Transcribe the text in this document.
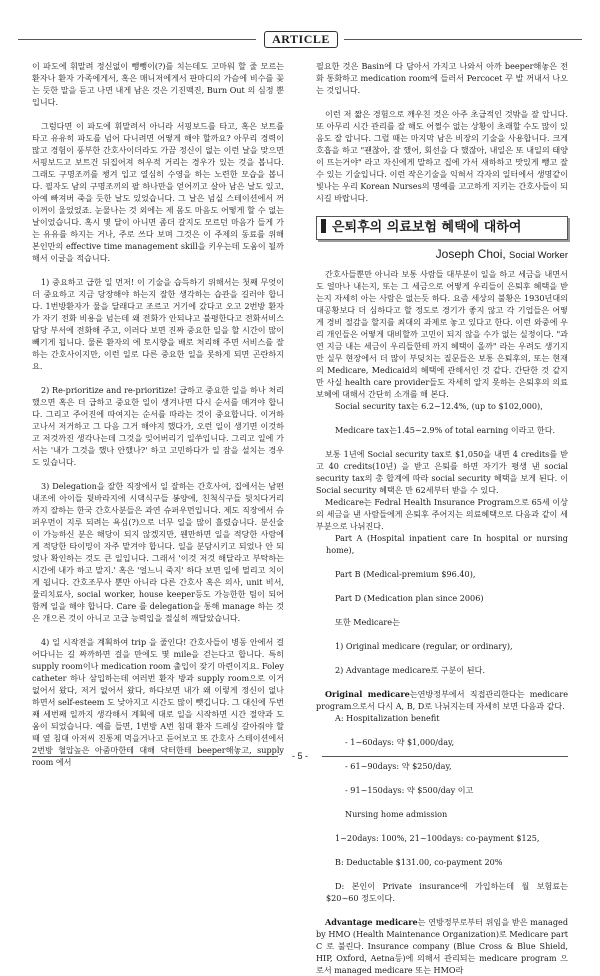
ARTICLE

이 파도에 휘말려 정신없이 뺑뺑이(?)를 치는데도 고마워 할 줄 모르는 환자나 환자 가족에게서, 혹은 매니저에게서 판마디의 가슴에 비수를 꽂는 듯한 말을 듣고 나면 내게 남은 것은 기진맥진, Burn Out 의 심정 뿐입니다.

그럼다면 이 파도에 휘말려서 아니라 서핑보드를 타고, 혹은 보트를 타고 유유히 파도를 넘어 다니려면 어떻게 해야 할까요? 아무리 경력이 많고 경험이 풍부한 간호사이더라도 가끔 정신이 없는 이런 날을 맞으면 서핑보드고 보트건 뒤집어져 허우적 거리는 경우가 있는 것을 봅니다. 그래도 구명조끼를 챙겨 입고 열심히 수영을 하는 노련한 모습을 봅니다. 필자도 남의 구명조끼의 팔 하나만을 얻어끼고 살아 남은 날도 있고, 아예 빠져버 죽을 듯한 날도 있었습니다. 그 날은 넘실 스테이션에서 꺼이꺼이 울었었죠. 눈물나는 것 외에는 제 몸도 마음도 어떻게 할 수 없는 날이었습니다. 혹시 몇 달이 아니면 좀더 갈지도 모르던 마음가 들게 가는 유유를 하지는 거나, 주로 쓰다 보며 그것은 이 주제의 동료를 위해 본인만의 effective time management skill을 키우는데 도움이 될까 해서 이글을 적습니다.

1) 중요하고 급한 일 먼저! 이 기술을 습득하기 위해서는 첫째 무엇이 더 중요하고 지금 당장해야 하는지 잘한 생각하는 습관을 길러야 합니다. 1번방환자가 물을 달래다고 조르고 거기에 갔다고 오고 2번방 환자가 자기 전화 비용을 넘는데 왜 전화가 안되냐고 불평한다고 전화서비스 담당 부서에 전화해 주고, 이러다 보면 진짜 중요한 일을 할 시간이 많이 빼기게 됩니다. 물론 환자의 에 토시향을 배로 처리해 주면 서비스를 잘하는 간호사이지만, 이런 일로 다른 중요한 일을 못하게 되면 곤란하지요.

2) Re-prioritize and re-prioritize! 급하고 중요한 일을 하나 처리했으면 혹은 더 급하고 중요한 일이 생겨나면 다시 순서를 매겨야 합니다. 그리고 주어진에 따여지는 순서를 따라는 것이 중요합니다. 이거하고나서 저거하고 그 다음 그거 해야지 했다가, 오런 일이 생기면 이것하고 저것까진 생각나는데 그것을 잊어버리기 일쑤입니다. 그리고 일에 가서는 '내가 그것을 했나 안했나?' 하고 고민하다가 일 잠을 설치는 경우도 있습니다.

3) Delegation을 잘한 직장에서 일 잘하는 간호사여, 집에서는 남편 내조에 아이들 뒷바라지에 시댁식구들 봉양에, 친척식구들 뒷치다거리까지 잘하는 한국 간호사분들은 과연 슈퍼우먼입니다. 제도 직장에서 슈퍼우먼이 지루 되려는 욕심(?)으로 너무 일을 많이 흘렸습니다. 분신술이 가능하신 분은 해당이 되지 않겠지만, 웬만하면 일을 적당한 사람에게 적당한 타이밍이 자주 맡겨야 합니다. 일을 분담시키고 되었나 안 되었나 확인하는 것도 큰 일입니다. 그래서 '이것 저것 해달라고 부탁하는 시간에 내가 하고 말지.' 혹은 '얼느니 죽지' 하다 보면 일에 멀리고 치이게 됩니다. 간호조무사 뿐만 아니라 다른 간호사 혹은 의사, unit 비서, 물리치료사, social worker, house keeper등도 가능한한 팀이 되어 함께 일을 해야 합니다. Care 를 delegation을 통해 manage 하는 것은 개으른 것이 아니고 고급 능력입을 절실히 깨달았습니다.

4) 일 시작전을 계획하여 trip 을 줄인다! 간호사들이 병동 안에서 걸어다니는 길 짜까하면 걸을 만에도 몇 mile을 걷는다고 합니다. 특히 supply room이나 medication room 출입이 잦기 마련이지요. Foley catheter 하나 삼입하는데 여러번 환자 방과 supply room으로 이거 없어서 왔다, 저거 없어서 왔다, 하다보면 내가 왜 이렇게 정신이 없나 하면서 self-esteem 도 낮아지고 시간도 많이 뺏깁니다. 그 대신에 두번째 세번째 일까지 생각해서 계획에 대로 일을 시작하면 시간 절약과 도움이 되었습니다. 예를 들면, 1번방 A번 침대 환자 드레싱 갈아줘야 할 때 옆 침대 아저씨 진통제 먹을거나고 듣어보고 또 간호사 스테이션에서 2번방 혈압높은 아줌마한테 대해 닥터한테 beeper해놓고, supply room 에서

필요한 것은 Basin에 다 담아서 가지고 나와서 아까 beeper해놓은 전화 통화하고 medication room에 들러서 Percocet 꾸 발 꺼내서 나오는 것입니다.

이런 저 짧은 경험으로 깨우친 것은 아주 초급적인 것밖을 잘 압니다. 또 아무리 시간 관리를 잘 해도 어쩔수 없는 상황이 초래할 수도 많이 있음도 잘 압니다. 그럴 때는 마지막 남은 비장의 기술을 사용합니다. 크게 호흡을 하고 "괜찮아, 잘 했어, 회선을 다 했잖아, 내일은 또 내일의 태양이 뜨는거야" 라고 자신에게 말하고 집에 가서 새하하고 맛있게 뺑고 잘 수 있는 기술입니다. 이런 작은기술을 익혀서 각자의 일터에서 생명같이 빛나는 우리 Korean Nurses의 명예를 고고하게 지키는 간호사들이 되시길 바랍니다.

은퇴후의 의료보험 혜택에 대하여
Joseph Choi, Social Worker

간호사들뿐만 아니라 보통 사람들 대부분이 일을 하고 세금을 내면서도 얼마나 내는지, 또는 그 세금으로 어떻게 우리들이 은퇴후 혜택을 받는지 자세히 아는 사람은 없는듯 하다. 요즘 세상의 불황은 1930년대의 대공황보다 더 심하다고 할 정도로 경기가 좋지 않고 각 기업들은 어떻게 경비 절감을 할지를 최대의 과제로 놓고 있다고 한다. 이런 와중에 우리 개인들은 어떻게 대비할까 고민이 되지 않을 수가 없는 실정이다. "과연 지금 내는 세금이 우리들한테 까지 혜택이 올까" 라는 우려도 생기지만 실무 현장에서 더 많이 부딪치는 질문들은 보통 은퇴후의, 또는 현재의 Medicare, Medicaid의 혜택에 관해서인 것 같다. 간단한 것 같지만 사실 health care provider들도 자세히 알지 못하는 은퇴후의 의료보혜에 대해서 간단히 소개를 해 본다.

Social security tax는 6.2~12.4%, (up to $102,000),

Medicare tax는1.45~2.9% of total earning 이라고 한다.

보통 1년에 Social security tax로 $1,050을 내면 4 credits를 받고 40 credits(10년) 을 받고 은퇴를 하면 자기가 평생 낸 social security tax의 총 합계에 따라 social security 혜택을 보게 된다. 이 Social security 혜택은 만 62세부터 받을 수 있다.

Medicare는 Fedral Health Insurance Program으로 65세 이상의 세금을 낸 사람들에게 은퇴후 주어지는 의료혜택으로 다음과 같이 세부분으로 나뉘진다.

Part A (Hospital inpatient care In hospital or nursing home),

Part B (Medical-premium $96.40),

Part D (Medication plan since 2006)

또한 Medicare는

1) Original medicare (regular, or ordinary),

2) Advantage medicare로 구분이 된다.

Original medicare는연방정부에서 직접관리한다는 medicare program으로서 다시 A, B, D로 나뉘지는데 자세히 보면 다음과 같다.

A: Hospitalization benefit

- 1~60days: 약 $1,000/day,

- 61~90days: 약 $250/day,

- 91~150days: 약 $500/day 이고

Nursing home admission

1~20days: 100%, 21~100days: co-payment $125,

B: Deductable $131.00, co-payment 20%

D: 본인이 Private insurance에 가입하는데 월 보험료는 $20~60 정도이다.

Advantage medicare는 연방정부로부터 위임을 받은 managed by HMO (Health Maintenance Organization)로 Medicare part C 로 불린다. Insurance company (Blue Cross & Blue Shield, HIP, Oxford, Aetna등)에 의해서 관리되는 medicare program 으로서 managed medicare 또는 HMO라

- 5 -
